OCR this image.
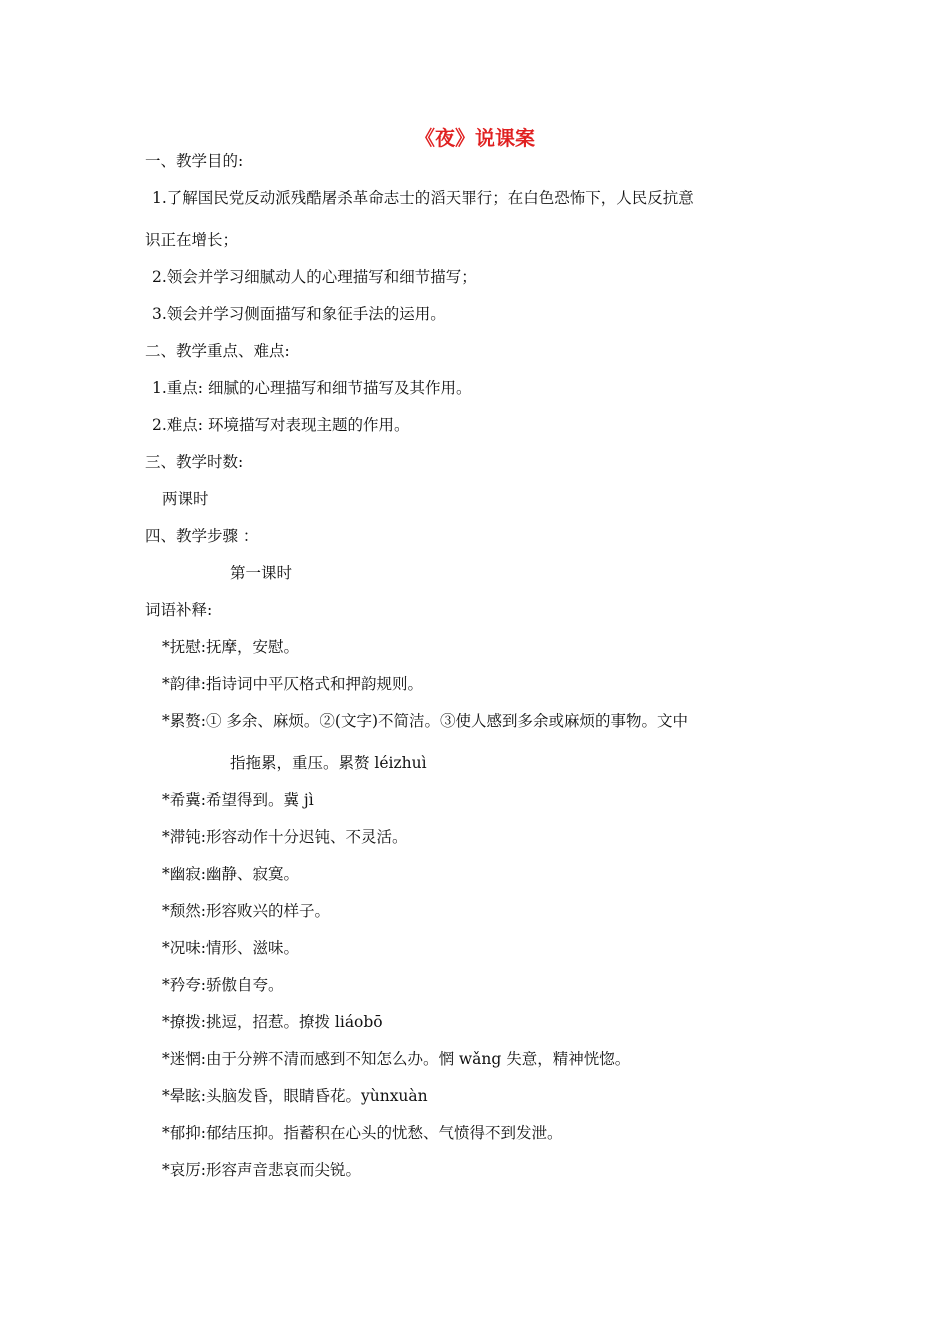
《夜》说课案
一、教学目的:
1.了解国民党反动派残酷屠杀革命志士的滔天罪行；在白色恐怖下，人民反抗意
识正在增长；
2.领会并学习细腻动人的心理描写和细节描写；
3.领会并学习侧面描写和象征手法的运用。
二、教学重点、难点:
1.重点: 细腻的心理描写和细节描写及其作用。
2.难点: 环境描写对表现主题的作用。
三、教学时数:
两课时
四、教学步骤 ：
第一课时
词语补释:
*抚慰:抚摩，安慰。
*韵律:指诗词中平仄格式和押韵规则。
*累赘:① 多余、麻烦。②(文字)不简洁。③使人感到多余或麻烦的事物。文中
指拖累，重压。累赘 léizhuì
*希冀:希望得到。冀 jì
*滞钝:形容动作十分迟钝、不灵活。
*幽寂:幽静、寂寞。
*颓然:形容败兴的样子。
*况味:情形、滋味。
*矜夸:骄傲自夸。
*撩拨:挑逗，招惹。撩拨 liáobō
*迷惘:由于分辨不清而感到不知怎么办。惘 wǎng 失意，精神恍惚。
*晕眩:头脑发昏，眼睛昏花。yùnxuàn
*郁抑:郁结压抑。指蓄积在心头的忧愁、气愤得不到发泄。
*哀厉:形容声音悲哀而尖锐。
